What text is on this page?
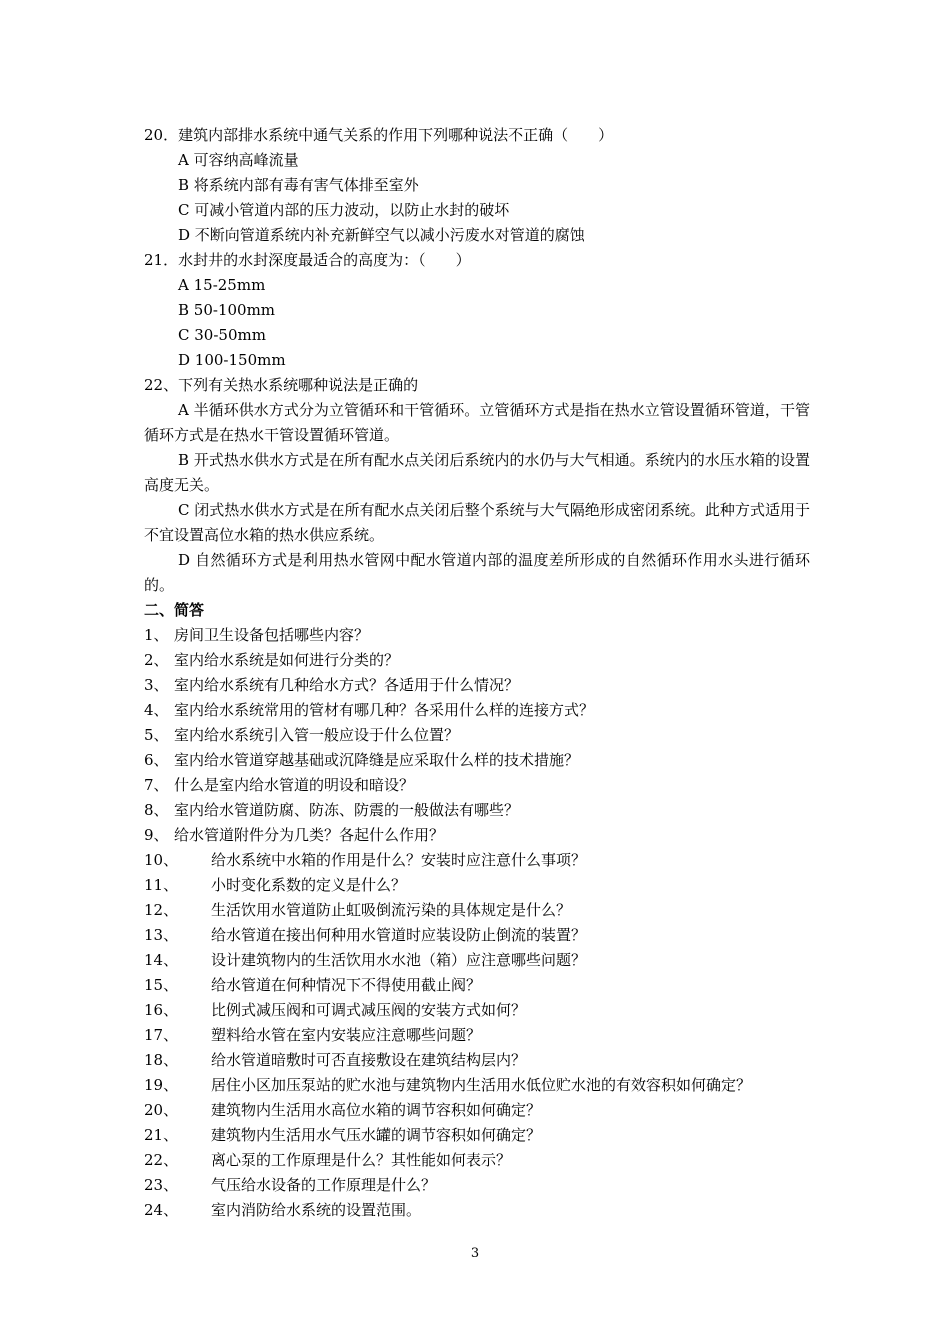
20．建筑内部排水系统中通气关系的作用下列哪种说法不正确（　　）
A 可容纳高峰流量
B 将系统内部有毒有害气体排至室外
C 可减小管道内部的压力波动，以防止水封的破坏
D 不断向管道系统内补充新鲜空气以减小污废水对管道的腐蚀
21．水封井的水封深度最适合的高度为：（　　）
A 15-25mm
B 50-100mm
C 30-50mm
D 100-150mm
22、下列有关热水系统哪种说法是正确的
A 半循环供水方式分为立管循环和干管循环。立管循环方式是指在热水立管设置循环管道，干管循环方式是在热水干管设置循环管道。
B 开式热水供水方式是在所有配水点关闭后系统内的水仍与大气相通。系统内的水压水箱的设置高度无关。
C 闭式热水供水方式是在所有配水点关闭后整个系统与大气隔绝形成密闭系统。此种方式适用于不宜设置高位水箱的热水供应系统。
D 自然循环方式是利用热水管网中配水管道内部的温度差所形成的自然循环作用水头进行循环的。
二、简答
1、 房间卫生设备包括哪些内容？
2、 室内给水系统是如何进行分类的？
3、 室内给水系统有几种给水方式？各适用于什么情况？
4、 室内给水系统常用的管材有哪几种？各采用什么样的连接方式？
5、 室内给水系统引入管一般应设于什么位置？
6、 室内给水管道穿越基础或沉降缝是应采取什么样的技术措施？
7、 什么是室内给水管道的明设和暗设？
8、 室内给水管道防腐、防冻、防震的一般做法有哪些？
9、 给水管道附件分为几类？各起什么作用？
10、 给水系统中水箱的作用是什么？安装时应注意什么事项？
11、 小时变化系数的定义是什么？
12、 生活饮用水管道防止虹吸倒流污染的具体规定是什么？
13、 给水管道在接出何种用水管道时应装设防止倒流的装置？
14、 设计建筑物内的生活饮用水水池（箱）应注意哪些问题？
15、 给水管道在何种情况下不得使用截止阀？
16、 比例式减压阀和可调式减压阀的安装方式如何？
17、 塑料给水管在室内安装应注意哪些问题？
18、 给水管道暗敷时可否直接敷设在建筑结构层内？
19、 居住小区加压泵站的贮水池与建筑物内生活用水低位贮水池的有效容积如何确定？
20、 建筑物内生活用水高位水箱的调节容积如何确定？
21、 建筑物内生活用水气压水罐的调节容积如何确定？
22、 离心泵的工作原理是什么？其性能如何表示？
23、 气压给水设备的工作原理是什么？
24、 室内消防给水系统的设置范围。
3
